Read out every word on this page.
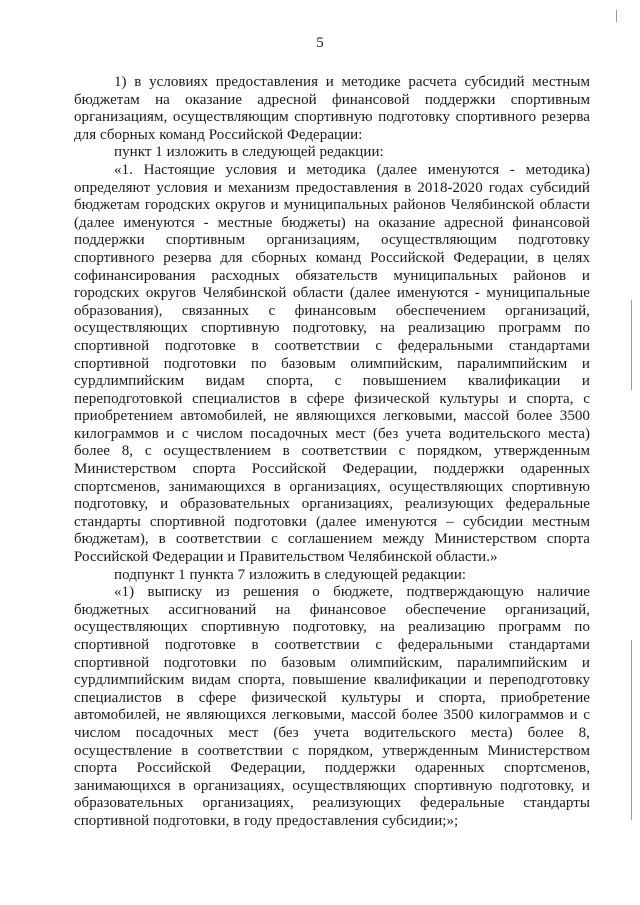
5

1) в условиях предоставления и методике расчета субсидий местным бюджетам на оказание адресной финансовой поддержки спортивным организациям, осуществляющим спортивную подготовку спортивного резерва для сборных команд Российской Федерации:

пункт 1 изложить в следующей редакции:

«1. Настоящие условия и методика (далее именуются - методика) определяют условия и механизм предоставления в 2018-2020 годах субсидий бюджетам городских округов и муниципальных районов Челябинской области (далее именуются - местные бюджеты) на оказание адресной финансовой поддержки спортивным организациям, осуществляющим подготовку спортивного резерва для сборных команд Российской Федерации, в целях софинансирования расходных обязательств муниципальных районов и городских округов Челябинской области (далее именуются - муниципальные образования), связанных с финансовым обеспечением организаций, осуществляющих спортивную подготовку, на реализацию программ по спортивной подготовке в соответствии с федеральными стандартами спортивной подготовки по базовым олимпийским, паралимпийским и сурдлимпийским видам спорта, с повышением квалификации и переподготовкой специалистов в сфере физической культуры и спорта, с приобретением автомобилей, не являющихся легковыми, массой более 3500 килограммов и с числом посадочных мест (без учета водительского места) более 8, с осуществлением в соответствии с порядком, утвержденным Министерством спорта Российской Федерации, поддержки одаренных спортсменов, занимающихся в организациях, осуществляющих спортивную подготовку, и образовательных организациях, реализующих федеральные стандарты спортивной подготовки (далее именуются – субсидии местным бюджетам), в соответствии с соглашением между Министерством спорта Российской Федерации и Правительством Челябинской области.»

подпункт 1 пункта 7 изложить в следующей редакции:

«1) выписку из решения о бюджете, подтверждающую наличие бюджетных ассигнований на финансовое обеспечение организаций, осуществляющих спортивную подготовку, на реализацию программ по спортивной подготовке в соответствии с федеральными стандартами спортивной подготовки по базовым олимпийским, паралимпийским и сурдлимпийским видам спорта, повышение квалификации и переподготовку специалистов в сфере физической культуры и спорта, приобретение автомобилей, не являющихся легковыми, массой более 3500 килограммов и с числом посадочных мест (без учета водительского места) более 8, осуществление в соответствии с порядком, утвержденным Министерством спорта Российской Федерации, поддержки одаренных спортсменов, занимающихся в организациях, осуществляющих спортивную подготовку, и образовательных организациях, реализующих федеральные стандарты спортивной подготовки, в году предоставления субсидии;»;
